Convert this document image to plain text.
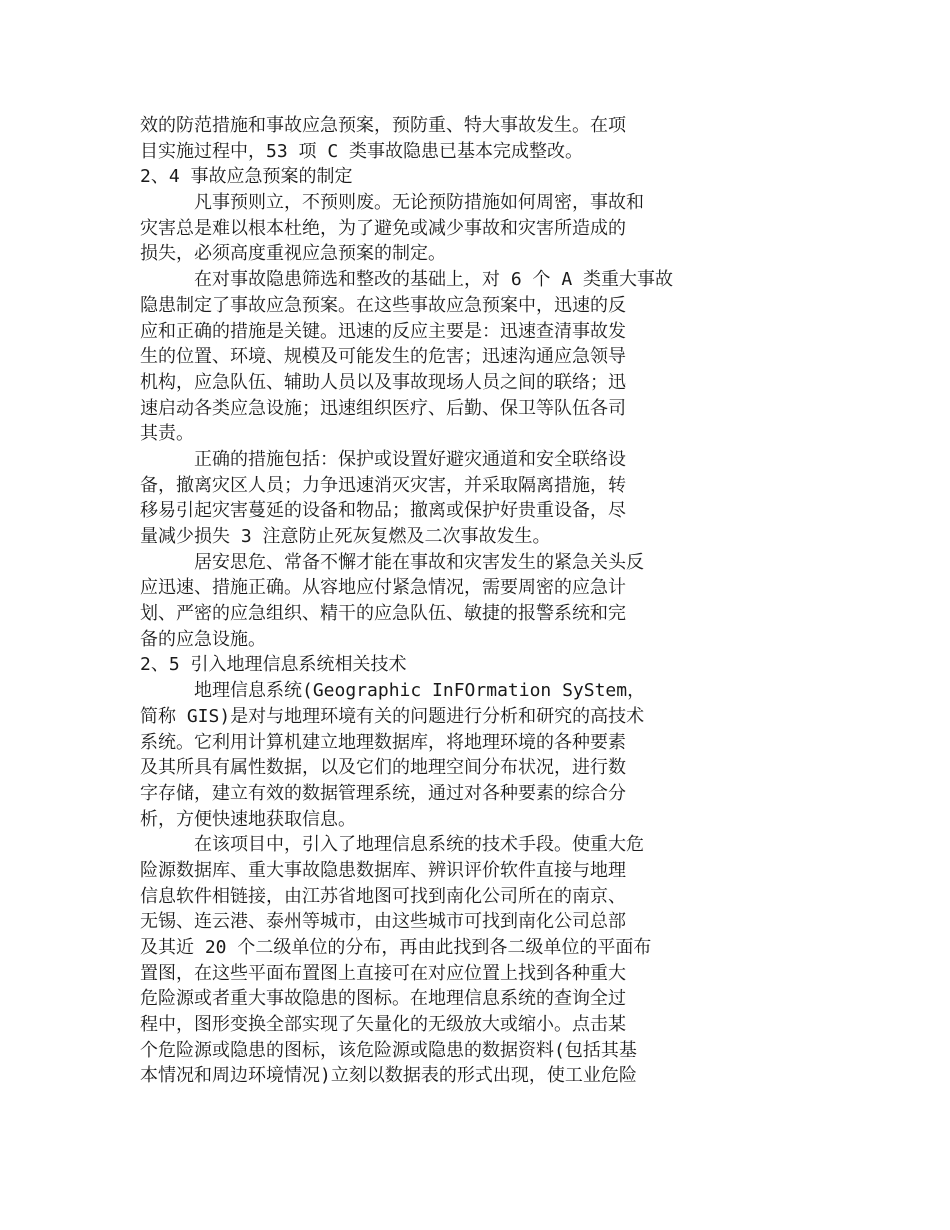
效的防范措施和事故应急预案，预防重、特大事故发生。在项
目实施过程中，53 项 C 类事故隐患已基本完成整改。
2、4 事故应急预案的制定
凡事预则立，不预则废。无论预防措施如何周密，事故和
灾害总是难以根本杜绝，为了避免或减少事故和灾害所造成的
损失，必须高度重视应急预案的制定。
在对事故隐患筛选和整改的基础上，对 6 个 A 类重大事故
隐患制定了事故应急预案。在这些事故应急预案中，迅速的反
应和正确的措施是关键。迅速的反应主要是：迅速查清事故发
生的位置、环境、规模及可能发生的危害；迅速沟通应急领导
机构，应急队伍、辅助人员以及事故现场人员之间的联络；迅
速启动各类应急设施；迅速组织医疗、后勤、保卫等队伍各司
其责。
正确的措施包括：保护或设置好避灾通道和安全联络设
备，撤离灾区人员；力争迅速消灭灾害，并采取隔离措施，转
移易引起灾害蔓延的设备和物品；撤离或保护好贵重设备，尽
量减少损失 3 注意防止死灰复燃及二次事故发生。
居安思危、常备不懈才能在事故和灾害发生的紧急关头反
应迅速、措施正确。从容地应付紧急情况，需要周密的应急计
划、严密的应急组织、精干的应急队伍、敏捷的报警系统和完
备的应急设施。
2、5 引入地理信息系统相关技术
地理信息系统(Geographic InFOrmation SyStem，
简称 GIS)是对与地理环境有关的问题进行分析和研究的高技术
系统。它利用计算机建立地理数据库，将地理环境的各种要素
及其所具有属性数据，以及它们的地理空间分布状况，进行数
字存储，建立有效的数据管理系统，通过对各种要素的综合分
析，方便快速地获取信息。
在该项目中，引入了地理信息系统的技术手段。使重大危
险源数据库、重大事故隐患数据库、辨识评价软件直接与地理
信息软件相链接，由江苏省地图可找到南化公司所在的南京、
无锡、连云港、泰州等城市，由这些城市可找到南化公司总部
及其近 20 个二级单位的分布，再由此找到各二级单位的平面布
置图，在这些平面布置图上直接可在对应位置上找到各种重大
危险源或者重大事故隐患的图标。在地理信息系统的查询全过
程中，图形变换全部实现了矢量化的无级放大或缩小。点击某
个危险源或隐患的图标，该危险源或隐患的数据资料(包括其基
本情况和周边环境情况)立刻以数据表的形式出现，使工业危险
